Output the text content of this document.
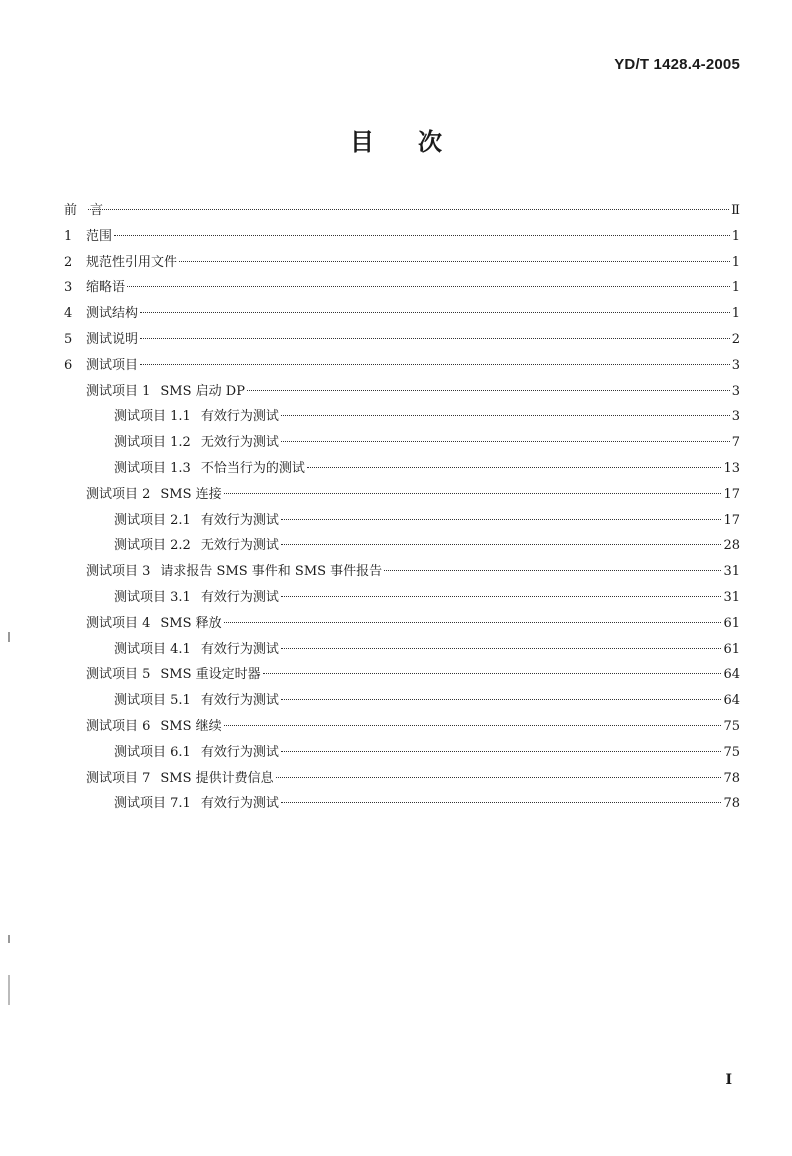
YD/T 1428.4-2005
目次
前　言	Ⅱ
1 范围	1
2 规范性引用文件	1
3 缩略语	1
4 测试结构	1
5 测试说明	2
6 测试项目	3
测试项目 1 SMS 启动 DP	3
测试项目 1.1 有效行为测试	3
测试项目 1.2 无效行为测试	7
测试项目 1.3 不恰当行为的测试	13
测试项目 2 SMS 连接	17
测试项目 2.1 有效行为测试	17
测试项目 2.2 无效行为测试	28
测试项目 3 请求报告 SMS 事件和 SMS 事件报告	31
测试项目 3.1 有效行为测试	31
测试项目 4 SMS 释放	61
测试项目 4.1 有效行为测试	61
测试项目 5 SMS 重设定时器	64
测试项目 5.1 有效行为测试	64
测试项目 6 SMS 继续	75
测试项目 6.1 有效行为测试	75
测试项目 7 SMS 提供计费信息	78
测试项目 7.1 有效行为测试	78
I
